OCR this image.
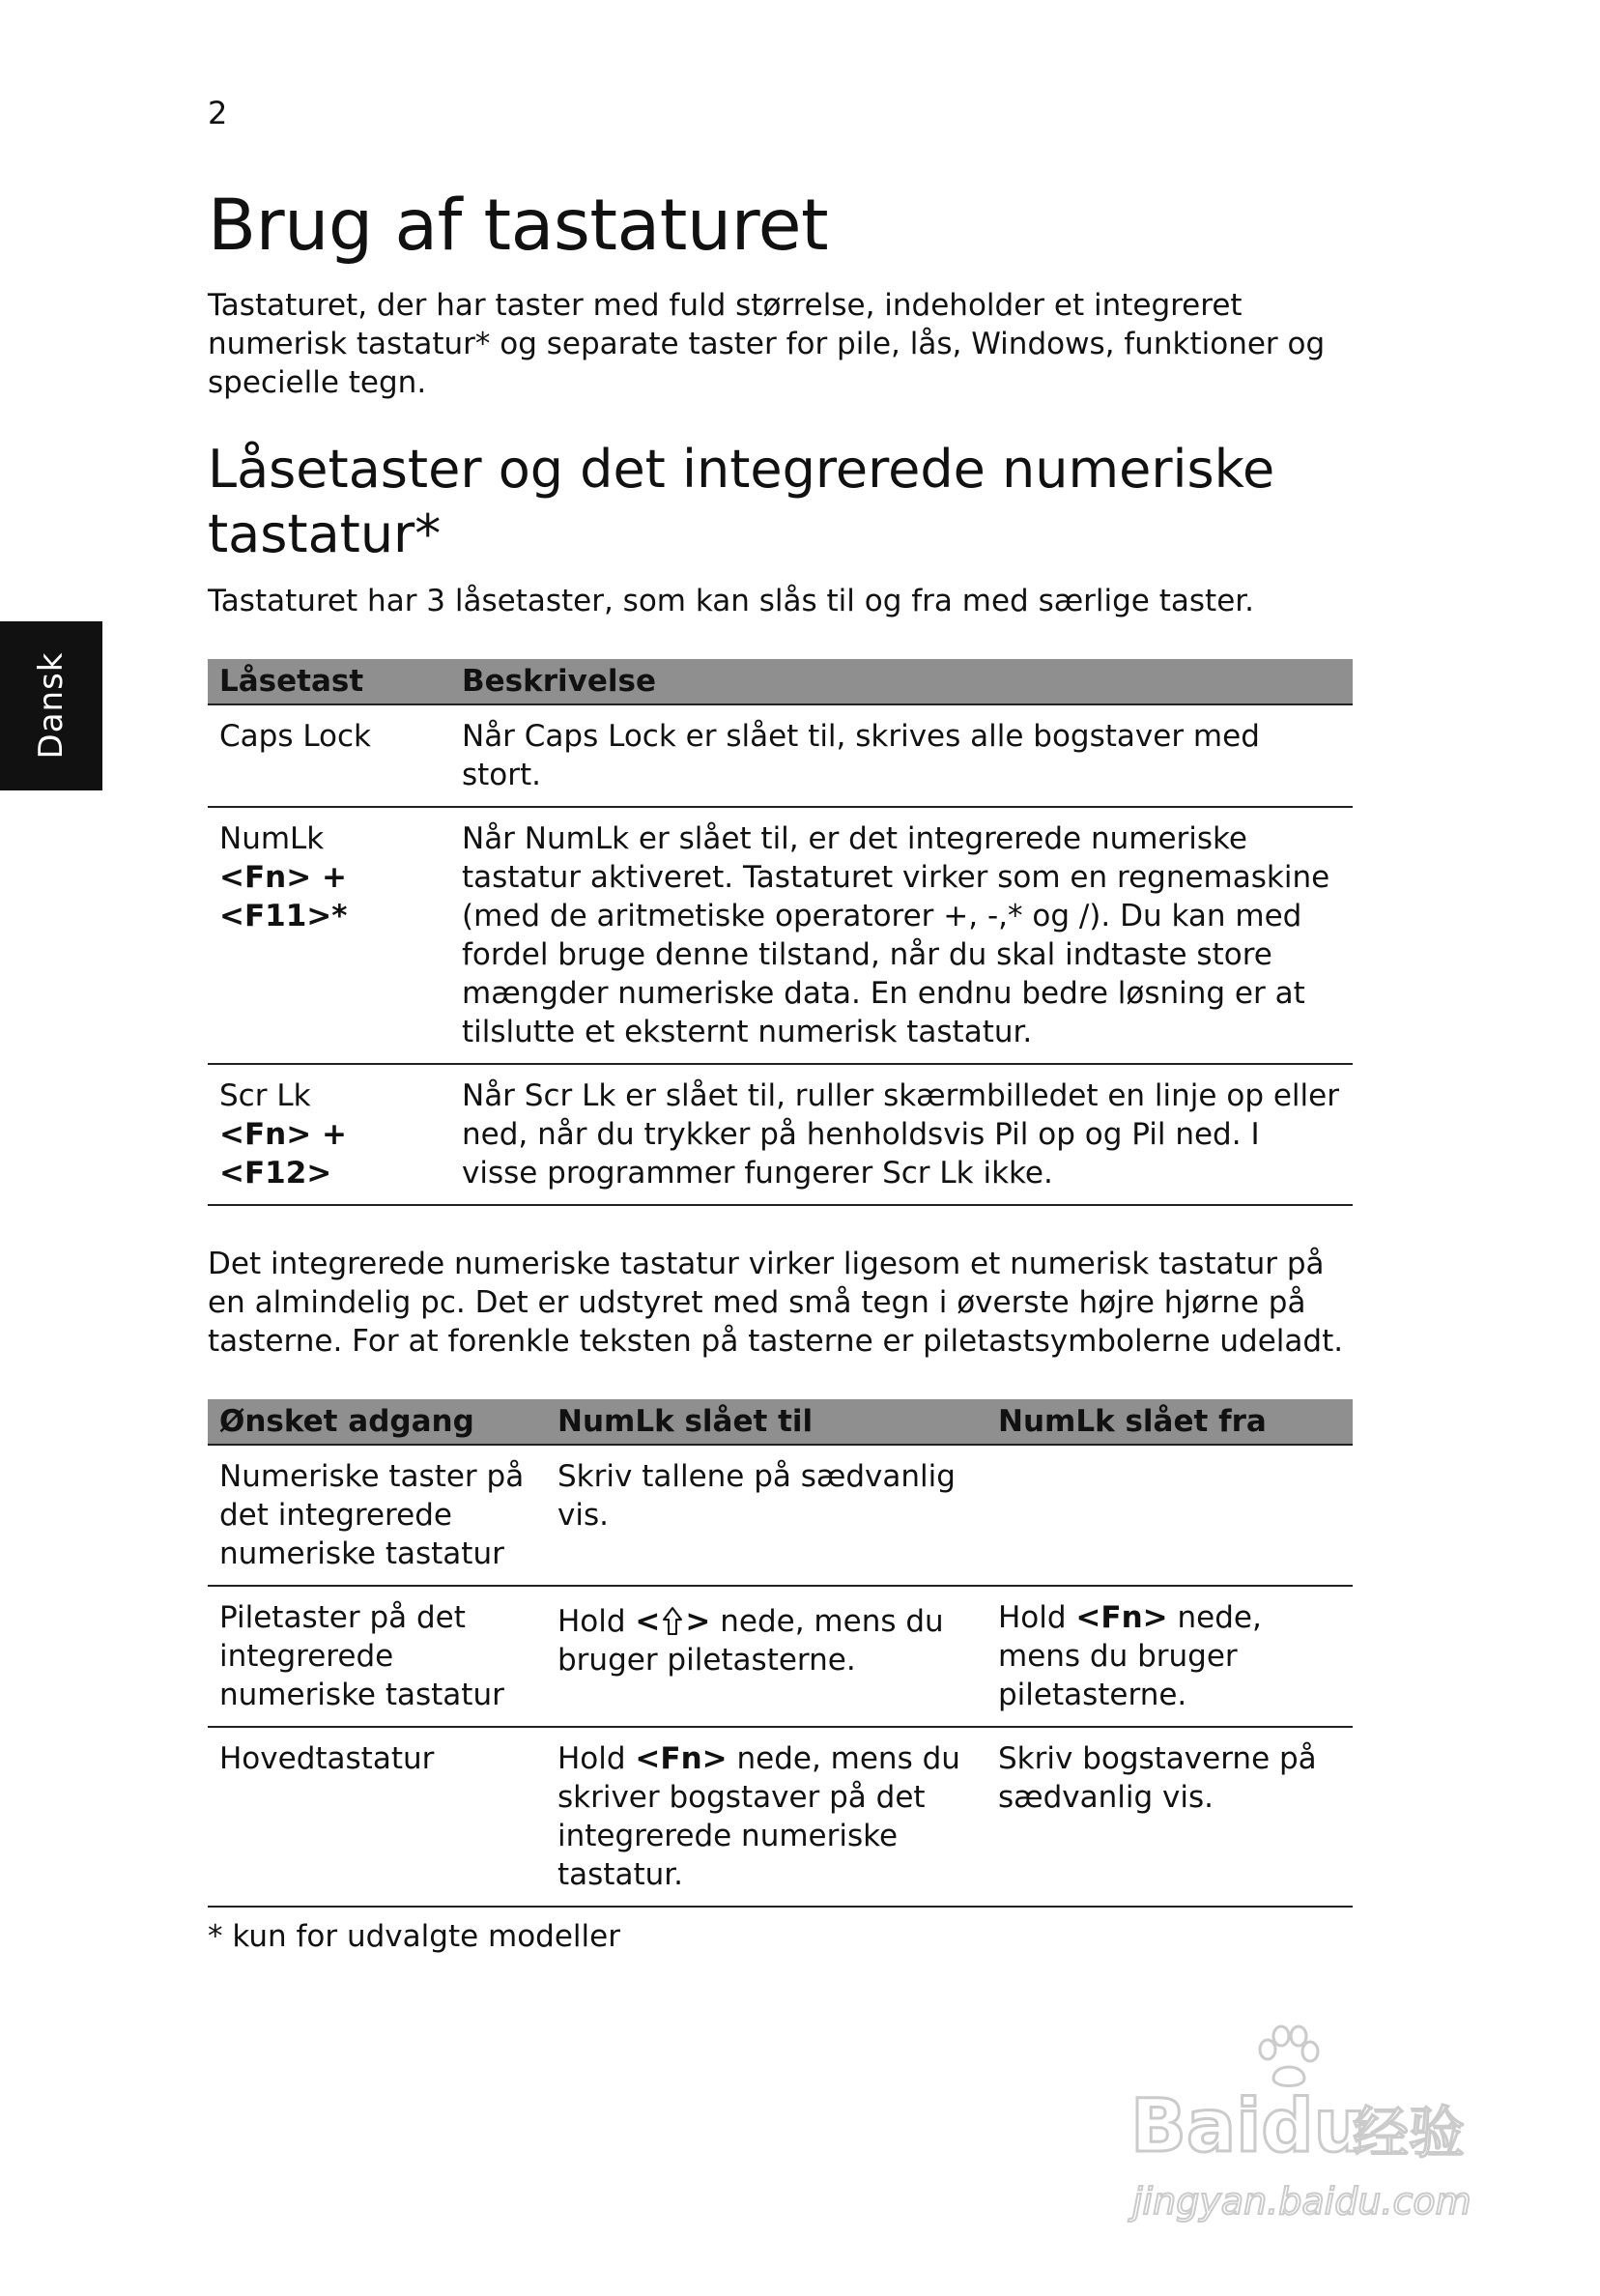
2
Dansk
Brug af tastaturet

Tastaturet, der har taster med fuld størrelse, indeholder et integreret numerisk tastatur* og separate taster for pile, lås, Windows, funktioner og specielle tegn.

Låsetaster og det integrerede numeriske
tastatur*

Tastaturet har 3 låsetaster, som kan slås til og fra med særlige taster.

Låsetast	Beskrivelse
Caps Lock	Når Caps Lock er slået til, skrives alle bogstaver med stort.
NumLk
<Fn> + <F11>*	Når NumLk er slået til, er det integrerede numeriske tastatur aktiveret. Tastaturet virker som en regnemaskine (med de aritmetiske operatorer +, -,* og /). Du kan med fordel bruge denne tilstand, når du skal indtaste store mængder numeriske data. En endnu bedre løsning er at tilslutte et eksternt numerisk tastatur.
Scr Lk
<Fn> + <F12>	Når Scr Lk er slået til, ruller skærmbilledet en linje op eller ned, når du trykker på henholdsvis Pil op og Pil ned. I visse programmer fungerer Scr Lk ikke.

Det integrerede numeriske tastatur virker ligesom et numerisk tastatur på en almindelig pc. Det er udstyret med små tegn i øverste højre hjørne på tasterne. For at forenkle teksten på tasterne er piletastsymbolerne udeladt.

Ønsket adgang	NumLk slået til	NumLk slået fra
Numeriske taster på det integrerede numeriske tastatur	Skriv tallene på sædvanlig vis.	
Piletaster på det integrerede numeriske tastatur	Hold < > nede, mens du bruger piletasterne.	Hold <Fn> nede, mens du bruger piletasterne.
Hovedtastatur	Hold <Fn> nede, mens du skriver bogstaver på det integrerede numeriske tastatur.	Skriv bogstaverne på sædvanlig vis.
* kun for udvalgte modeller
Baidu
经验
jingyan.baidu.com
